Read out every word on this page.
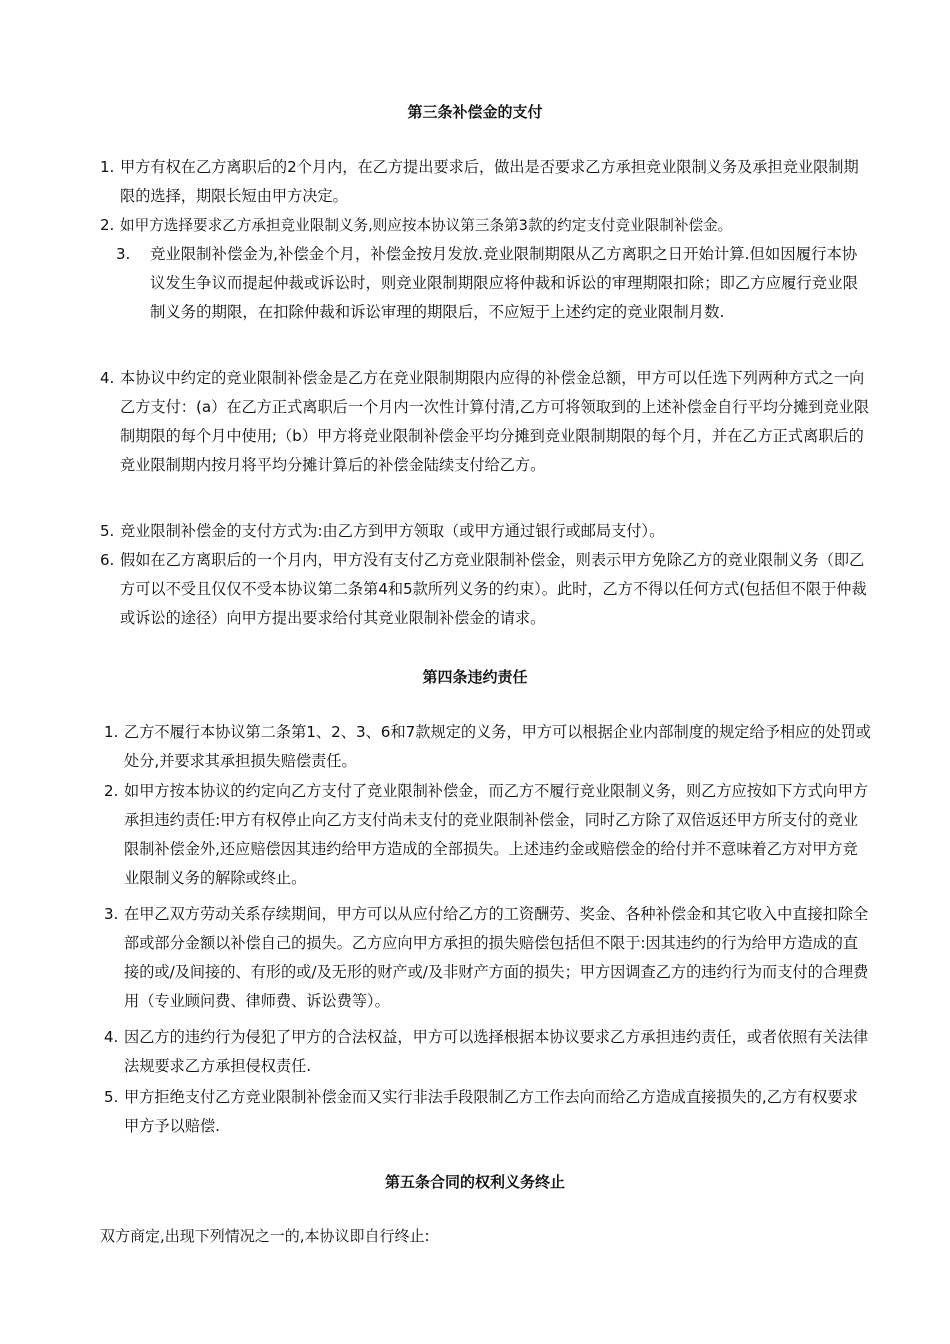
第三条补偿金的支付
1. 甲方有权在乙方离职后的2个月内，在乙方提出要求后，做出是否要求乙方承担竞业限制义务及承担竞业限制期限的选择，期限长短由甲方决定。
2. 如甲方选择要求乙方承担竞业限制义务,则应按本协议第三条第3款的约定支付竞业限制补偿金。
3.	竞业限制补偿金为,补偿金个月，补偿金按月发放.竞业限制期限从乙方离职之日开始计算.但如因履行本协议发生争议而提起仲裁或诉讼时，则竞业限制期限应将仲裁和诉讼的审理期限扣除；即乙方应履行竞业限制义务的期限，在扣除仲裁和诉讼审理的期限后，不应短于上述约定的竞业限制月数.
4. 本协议中约定的竞业限制补偿金是乙方在竞业限制期限内应得的补偿金总额，甲方可以任选下列两种方式之一向乙方支付：(a）在乙方正式离职后一个月内一次性计算付清,乙方可将领取到的上述补偿金自行平均分摊到竞业限制期限的每个月中使用;（b）甲方将竞业限制补偿金平均分摊到竞业限制期限的每个月，并在乙方正式离职后的竞业限制期内按月将平均分摊计算后的补偿金陆续支付给乙方。
5. 竞业限制补偿金的支付方式为:由乙方到甲方领取（或甲方通过银行或邮局支付）。
6. 假如在乙方离职后的一个月内，甲方没有支付乙方竞业限制补偿金，则表示甲方免除乙方的竞业限制义务（即乙方可以不受且仅仅不受本协议第二条第4和5款所列义务的约束）。此时，乙方不得以任何方式(包括但不限于仲裁或诉讼的途径）向甲方提出要求给付其竞业限制补偿金的请求。
第四条违约责任
1. 乙方不履行本协议第二条第1、2、3、6和7款规定的义务，甲方可以根据企业内部制度的规定给予相应的处罚或处分,并要求其承担损失赔偿责任。
2. 如甲方按本协议的约定向乙方支付了竞业限制补偿金，而乙方不履行竞业限制义务，则乙方应按如下方式向甲方承担违约责任:甲方有权停止向乙方支付尚未支付的竞业限制补偿金，同时乙方除了双倍返还甲方所支付的竞业限制补偿金外,还应赔偿因其违约给甲方造成的全部损失。上述违约金或赔偿金的给付并不意味着乙方对甲方竞业限制义务的解除或终止。
3. 在甲乙双方劳动关系存续期间，甲方可以从应付给乙方的工资酬劳、奖金、各种补偿金和其它收入中直接扣除全部或部分金额以补偿自己的损失。乙方应向甲方承担的损失赔偿包括但不限于:因其违约的行为给甲方造成的直接的或/及间接的、有形的或/及无形的财产或/及非财产方面的损失；甲方因调查乙方的违约行为而支付的合理费用（专业顾问费、律师费、诉讼费等）。
4. 因乙方的违约行为侵犯了甲方的合法权益，甲方可以选择根据本协议要求乙方承担违约责任，或者依照有关法律法规要求乙方承担侵权责任.
5. 甲方拒绝支付乙方竞业限制补偿金而又实行非法手段限制乙方工作去向而给乙方造成直接损失的,乙方有权要求甲方予以赔偿.
第五条合同的权利义务终止
双方商定,出现下列情况之一的,本协议即自行终止:
